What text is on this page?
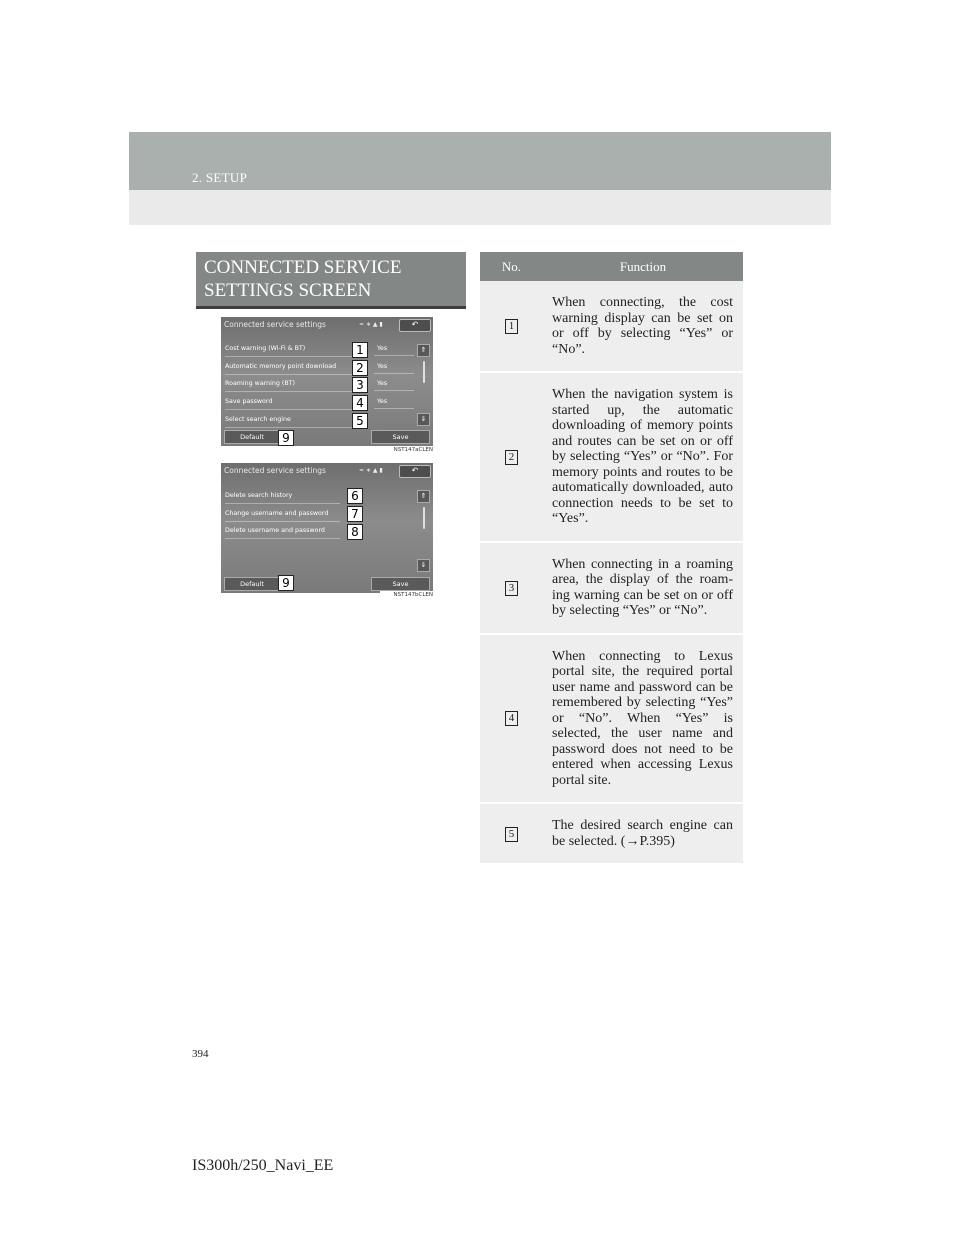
2. SETUP
CONNECTED SERVICE
SETTINGS SCREEN
Connected service settings	≈ ∗ ▲ ▮	↶
Cost warning (Wi-Fi & BT)	Yes
Automatic memory point download	Yes
Roaming warning (BT)	Yes
Save password	Yes
Select search engine
⇑
⇓
Default	Save
1
2
3
4
5
9
NST147aCLEN
Connected service settings	≈ ∗ ▲ ▮	↶
Delete search history
Change username and password
Delete username and password
⇑
⇓
Default	Save
6
7
8
9
NST147bCLEN
No.	Function
1	When connecting, the cost warning display can be set on or off by selecting “Yes” or “No”.
2	When the navigation system is started up, the automatic downloading of memory points and routes can be set on or off by selecting “Yes” or “No”. For memory points and routes to be automatically downloaded, auto connection needs to be set to “Yes”.
3	When connecting in a roaming area, the display of the roam-ing warning can be set on or off by selecting “Yes” or “No”.
4	When connecting to Lexus portal site, the required portal user name and password can be remembered by selecting “Yes” or “No”. When “Yes” is selected, the user name and password does not need to be entered when accessing Lexus portal site.
5	The desired search engine can be selected. (→P.395)
394
IS300h/250_Navi_EE
